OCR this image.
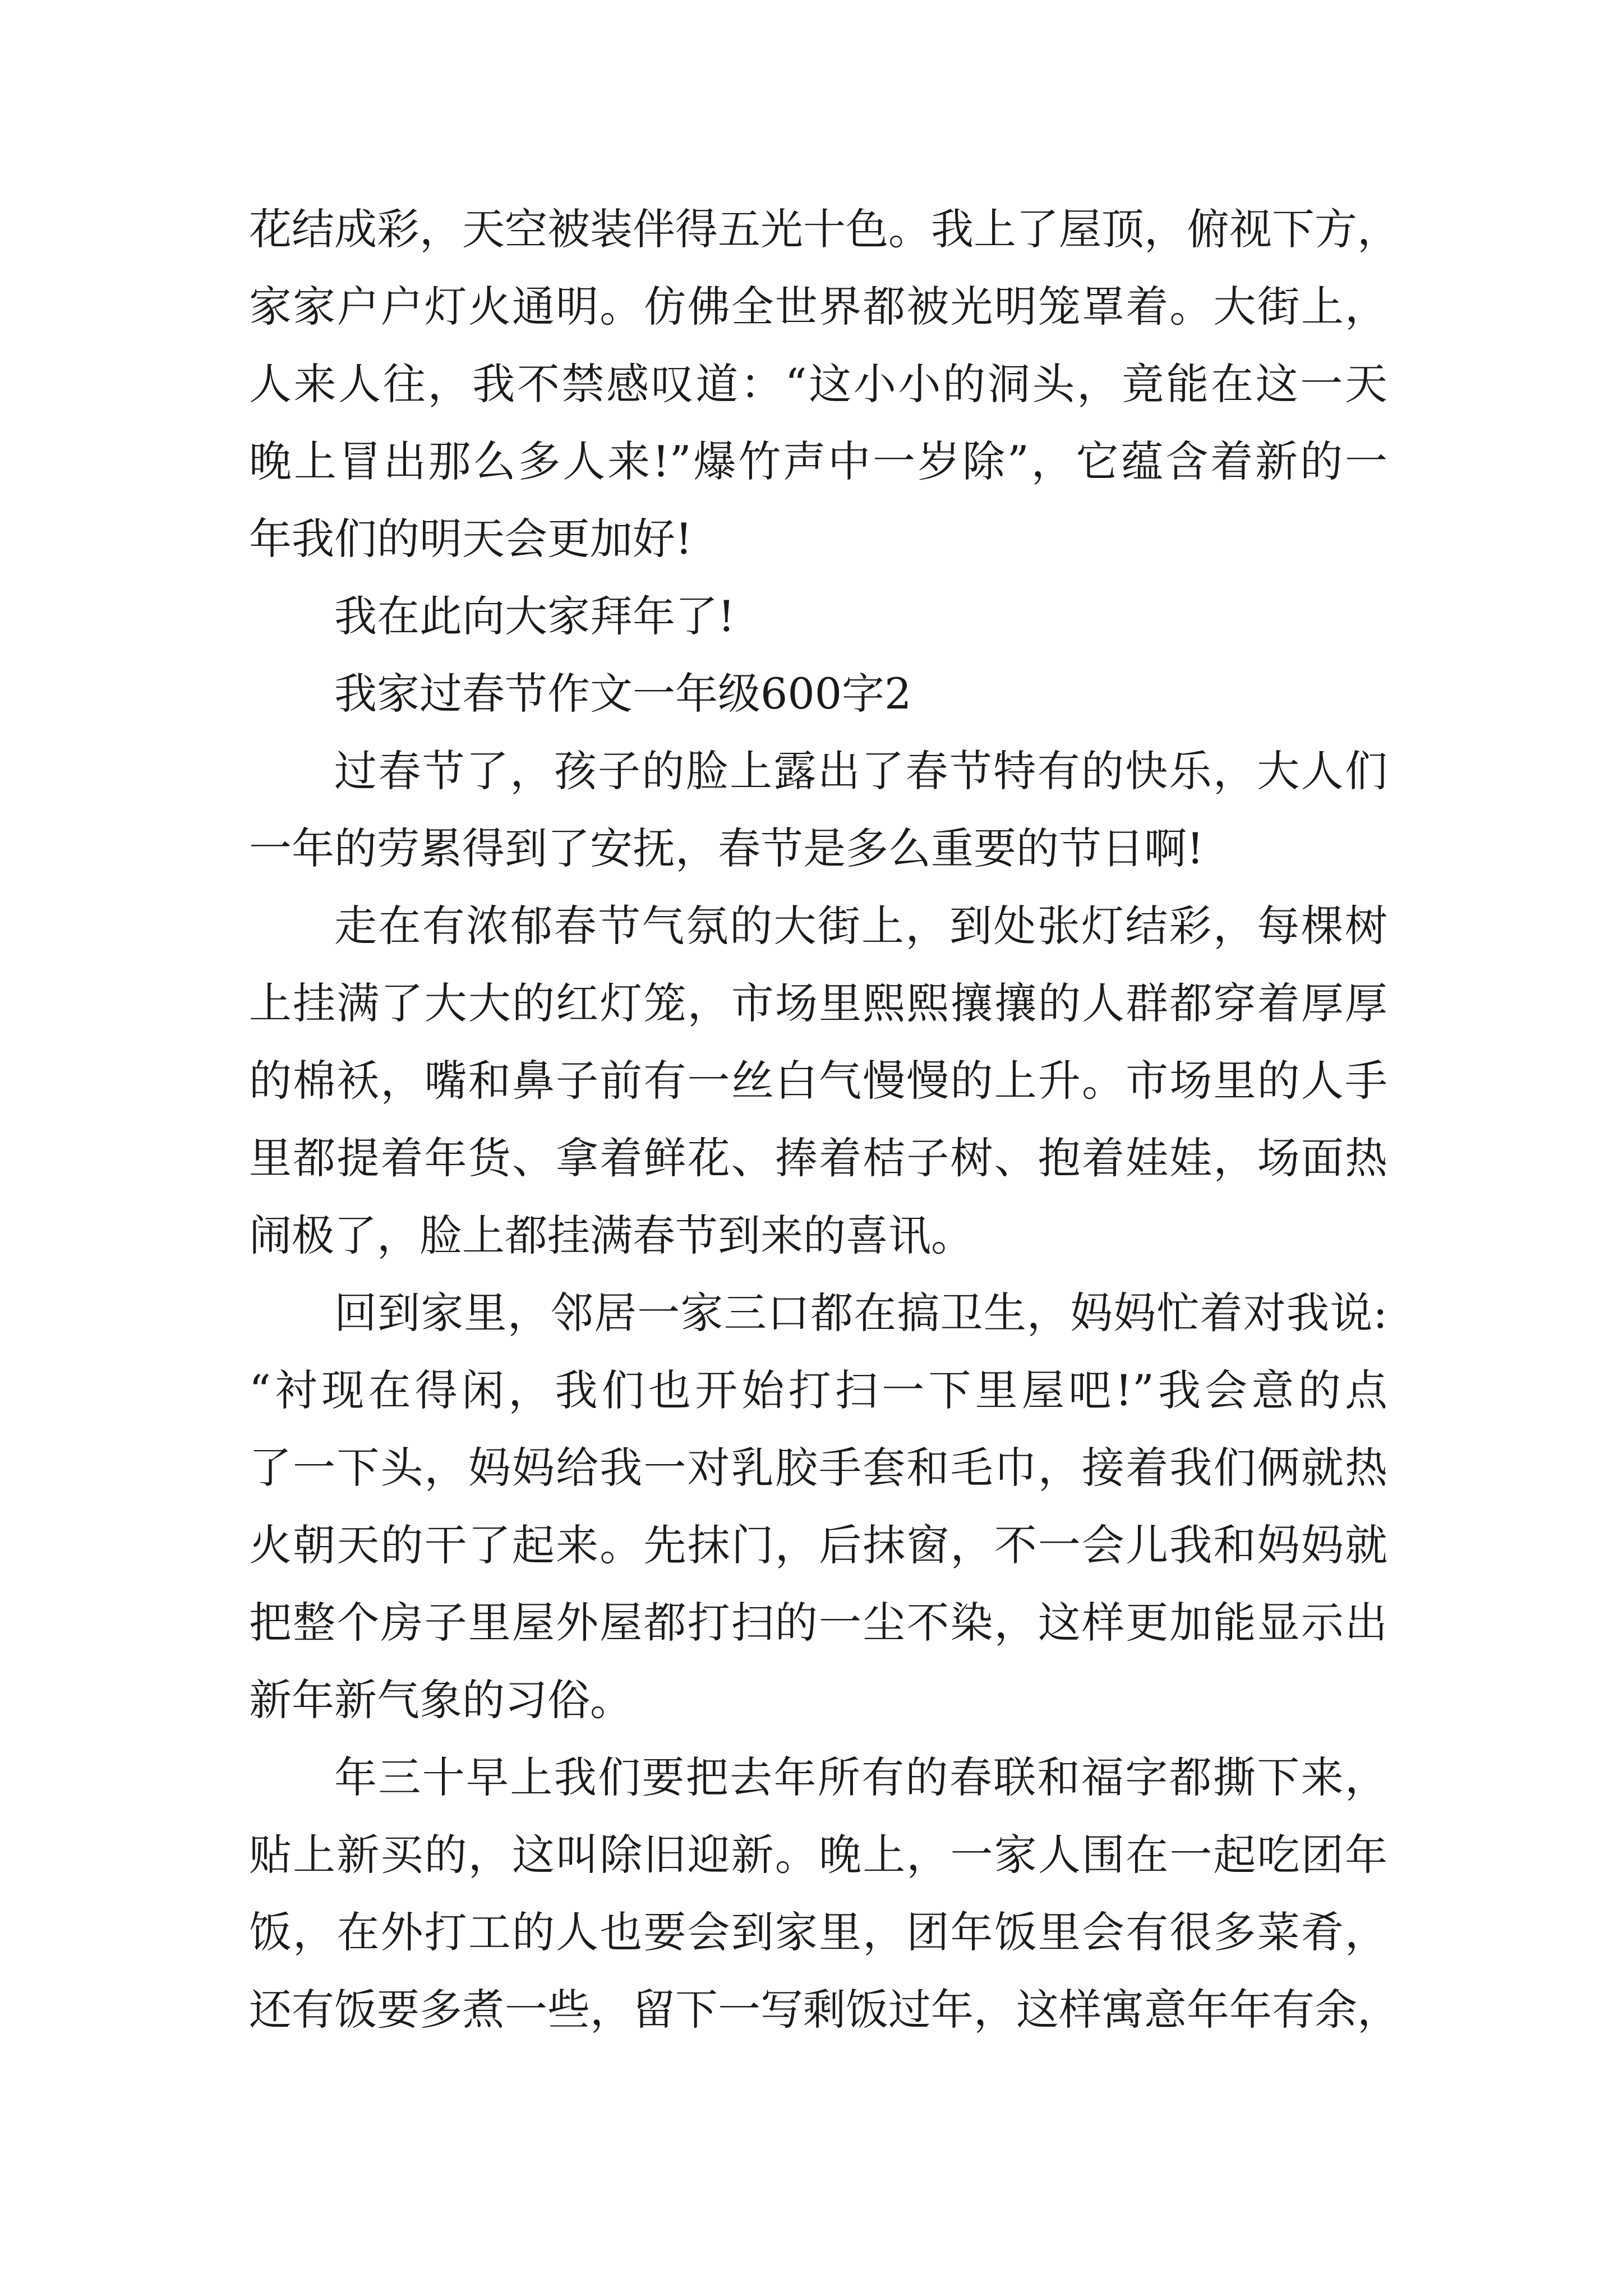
花结成彩，天空被装伴得五光十色。我上了屋顶，俯视下方，
家家户户灯火通明。仿佛全世界都被光明笼罩着。大街上，
人来人往，我不禁感叹道：“这小小的洞头，竟能在这一天
晚上冒出那么多人来!”爆竹声中一岁除”，它蕴含着新的一
年我们的明天会更加好!
我在此向大家拜年了!
我家过春节作文一年级600字2
过春节了，孩子的脸上露出了春节特有的快乐，大人们
一年的劳累得到了安抚，春节是多么重要的节日啊!
走在有浓郁春节气氛的大街上，到处张灯结彩，每棵树
上挂满了大大的红灯笼，市场里熙熙攘攘的人群都穿着厚厚
的棉袄，嘴和鼻子前有一丝白气慢慢的上升。市场里的人手
里都提着年货、拿着鲜花、捧着桔子树、抱着娃娃，场面热
闹极了，脸上都挂满春节到来的喜讯。
回到家里，邻居一家三口都在搞卫生，妈妈忙着对我说:
“衬现在得闲，我们也开始打扫一下里屋吧!”我会意的点
了一下头，妈妈给我一对乳胶手套和毛巾，接着我们俩就热
火朝天的干了起来。先抹门，后抹窗，不一会儿我和妈妈就
把整个房子里屋外屋都打扫的一尘不染，这样更加能显示出
新年新气象的习俗。
年三十早上我们要把去年所有的春联和福字都撕下来，
贴上新买的，这叫除旧迎新。晚上，一家人围在一起吃团年
饭，在外打工的人也要会到家里，团年饭里会有很多菜肴，
还有饭要多煮一些，留下一写剩饭过年，这样寓意年年有余，
